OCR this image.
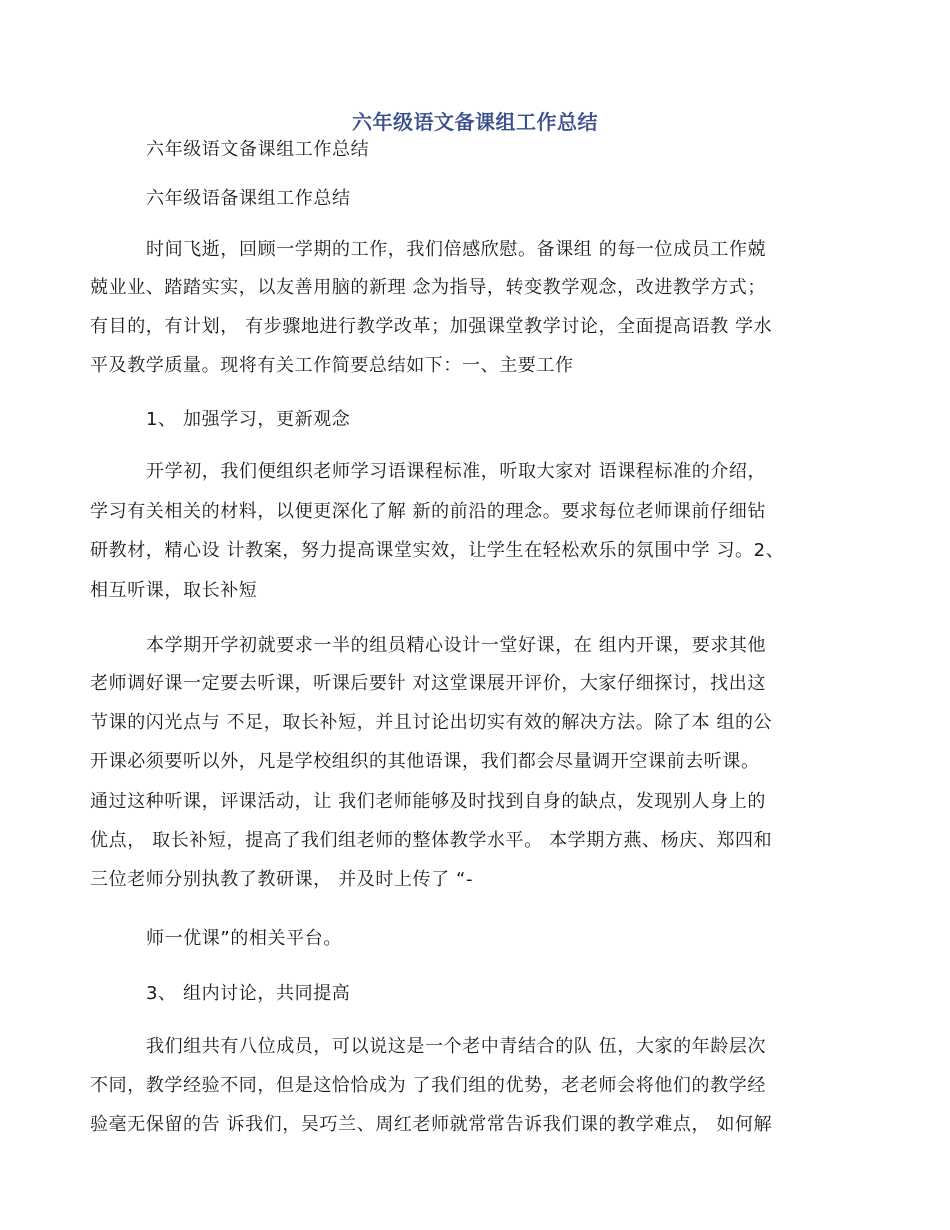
六年级语文备课组工作总结
六年级语文备课组工作总结
六年级语备课组工作总结
时间飞逝，回顾一学期的工作，我们倍感欣慰。备课组 的每一位成员工作兢
兢业业、踏踏实实，以友善用脑的新理 念为指导，转变教学观念，改进教学方式；
有目的，有计划， 有步骤地进行教学改革；加强课堂教学讨论，全面提高语教 学水
平及教学质量。现将有关工作简要总结如下：一、主要工作
1、 加强学习，更新观念
开学初，我们便组织老师学习语课程标准，听取大家对 语课程标准的介绍，
学习有关相关的材料，以便更深化了解 新的前沿的理念。要求每位老师课前仔细钻
研教材，精心设 计教案，努力提高课堂实效，让学生在轻松欢乐的氛围中学 习。2、
相互听课，取长补短
本学期开学初就要求一半的组员精心设计一堂好课，在 组内开课，要求其他
老师调好课一定要去听课，听课后要针 对这堂课展开评价，大家仔细探讨，找出这
节课的闪光点与 不足，取长补短，并且讨论出切实有效的解决方法。除了本 组的公
开课必须要听以外，凡是学校组织的其他语课，我们都会尽量调开空课前去听课。
通过这种听课，评课活动，让 我们老师能够及时找到自身的缺点，发现别人身上的
优点， 取长补短，提高了我们组老师的整体教学水平。 本学期方燕、杨庆、郑四和
三位老师分别执教了教研课， 并及时上传了 “-
师一优课”的相关平台。
3、 组内讨论，共同提高
我们组共有八位成员，可以说这是一个老中青结合的队 伍，大家的年龄层次
不同，教学经验不同，但是这恰恰成为 了我们组的优势，老老师会将他们的教学经
验毫无保留的告 诉我们，吴巧兰、周红老师就常常告诉我们课的教学难点， 如何解
